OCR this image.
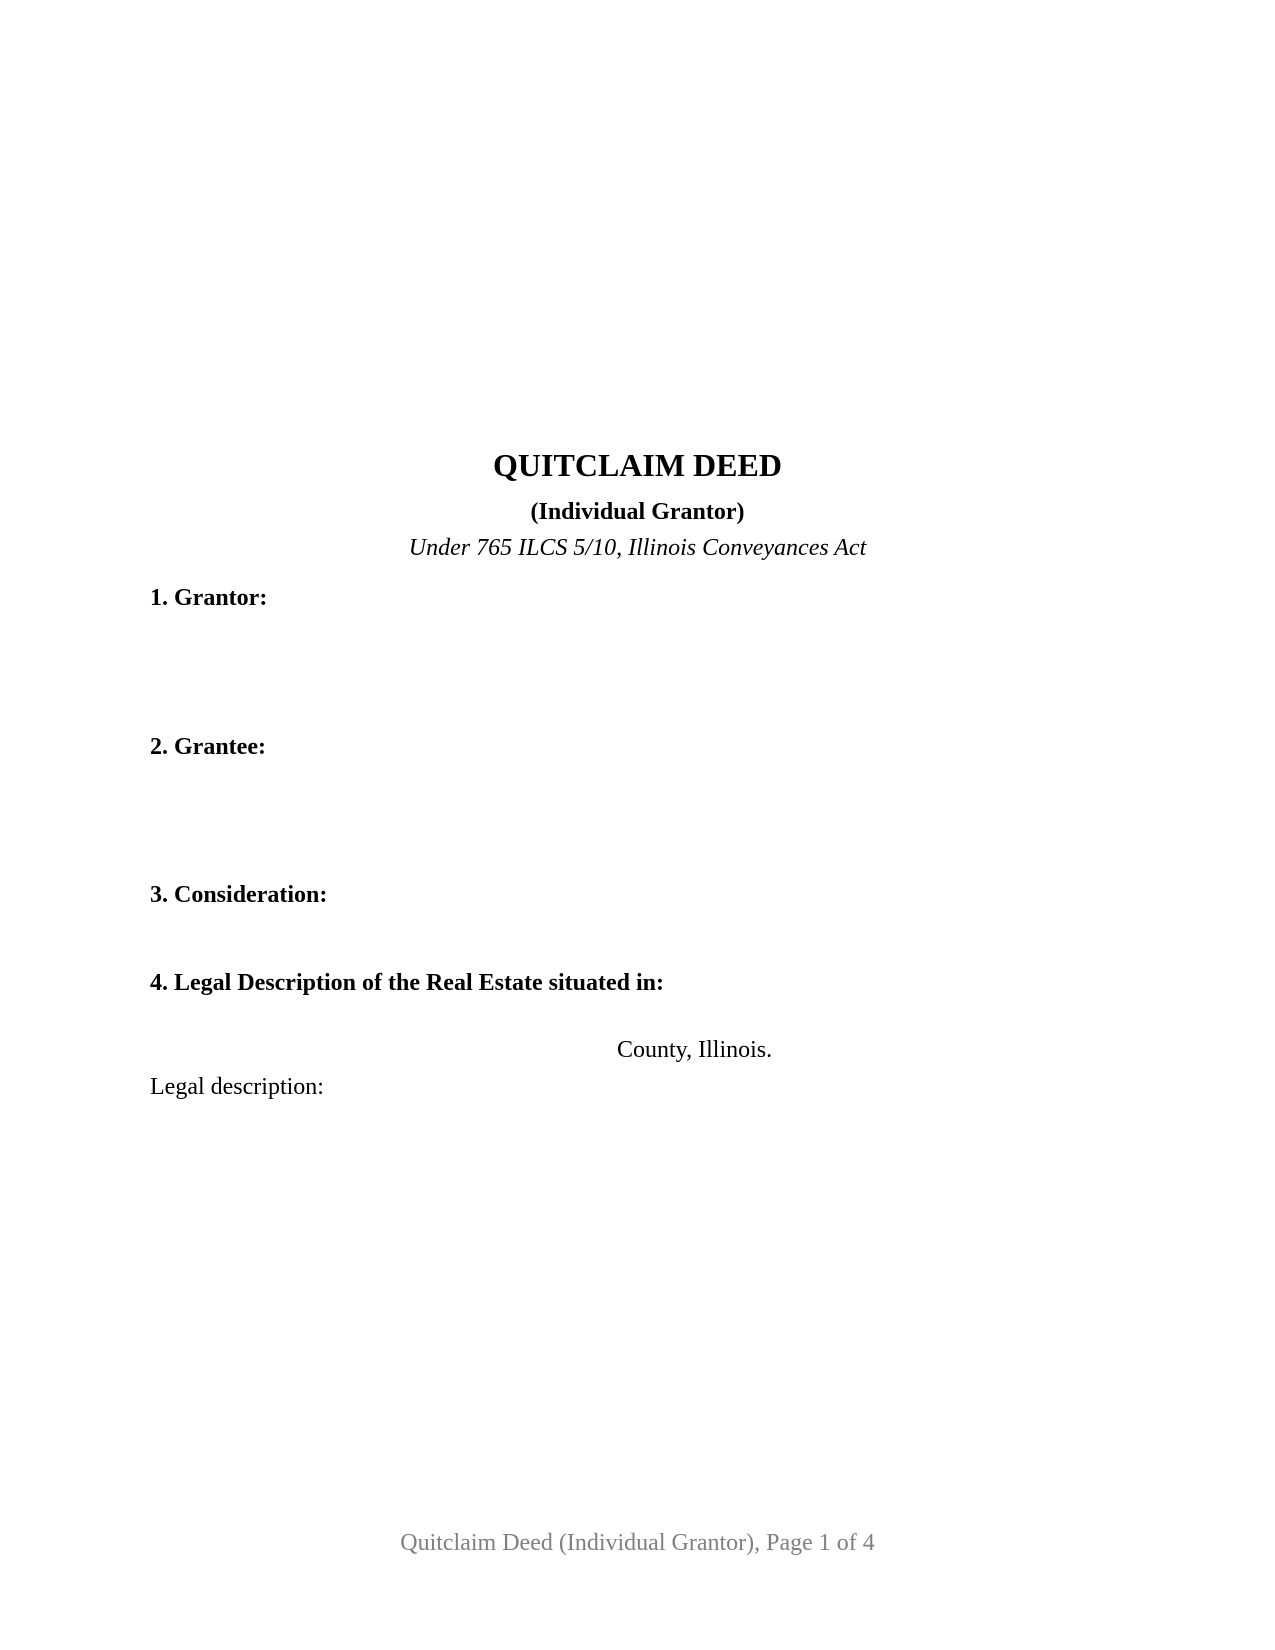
QUITCLAIM DEED
(Individual Grantor)
Under 765 ILCS 5/10, Illinois Conveyances Act
1. Grantor:
2. Grantee:
3. Consideration:
4. Legal Description of the Real Estate situated in:
County, Illinois.
Legal description:
Quitclaim Deed (Individual Grantor), Page 1 of 4
